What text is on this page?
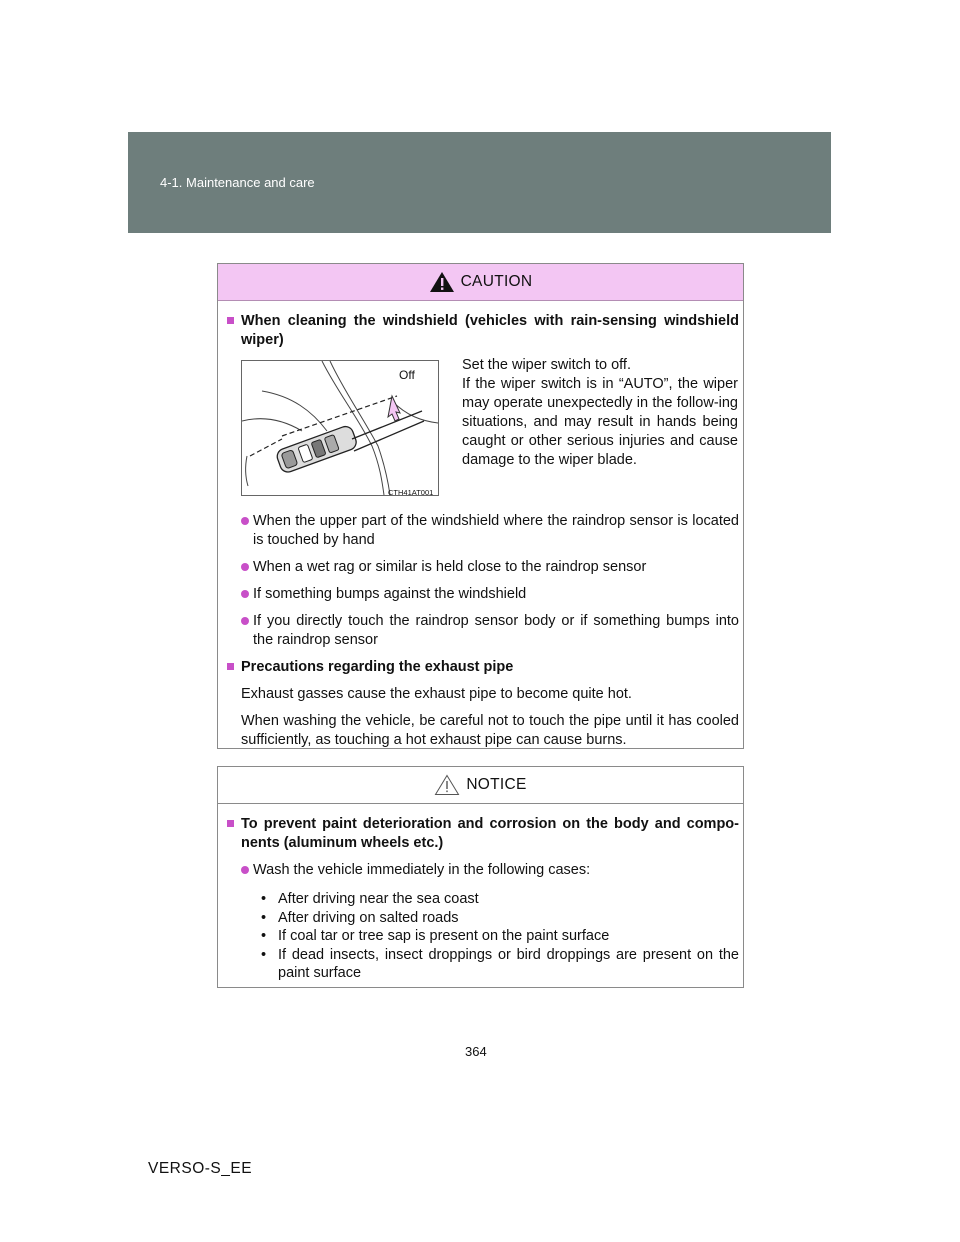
4-1. Maintenance and care
CAUTION
When cleaning the windshield (vehicles with rain-sensing windshield wiper)
Off
CTH41AT001
Set the wiper switch to off.
If the wiper switch is in “AUTO”, the wiper may operate unexpectedly in the follow-ing situations, and may result in hands being caught or other serious injuries and cause damage to the wiper blade.
When the upper part of the windshield where the raindrop sensor is located is touched by hand
When a wet rag or similar is held close to the raindrop sensor
If something bumps against the windshield
If you directly touch the raindrop sensor body or if something bumps into the raindrop sensor
Precautions regarding the exhaust pipe
Exhaust gasses cause the exhaust pipe to become quite hot.
When washing the vehicle, be careful not to touch the pipe until it has cooled sufficiently, as touching a hot exhaust pipe can cause burns.
NOTICE
To prevent paint deterioration and corrosion on the body and compo-nents (aluminum wheels etc.)
Wash the vehicle immediately in the following cases:
• After driving near the sea coast
• After driving on salted roads
• If coal tar or tree sap is present on the paint surface
• If dead insects, insect droppings or bird droppings are present on the paint surface
364
VERSO-S_EE
